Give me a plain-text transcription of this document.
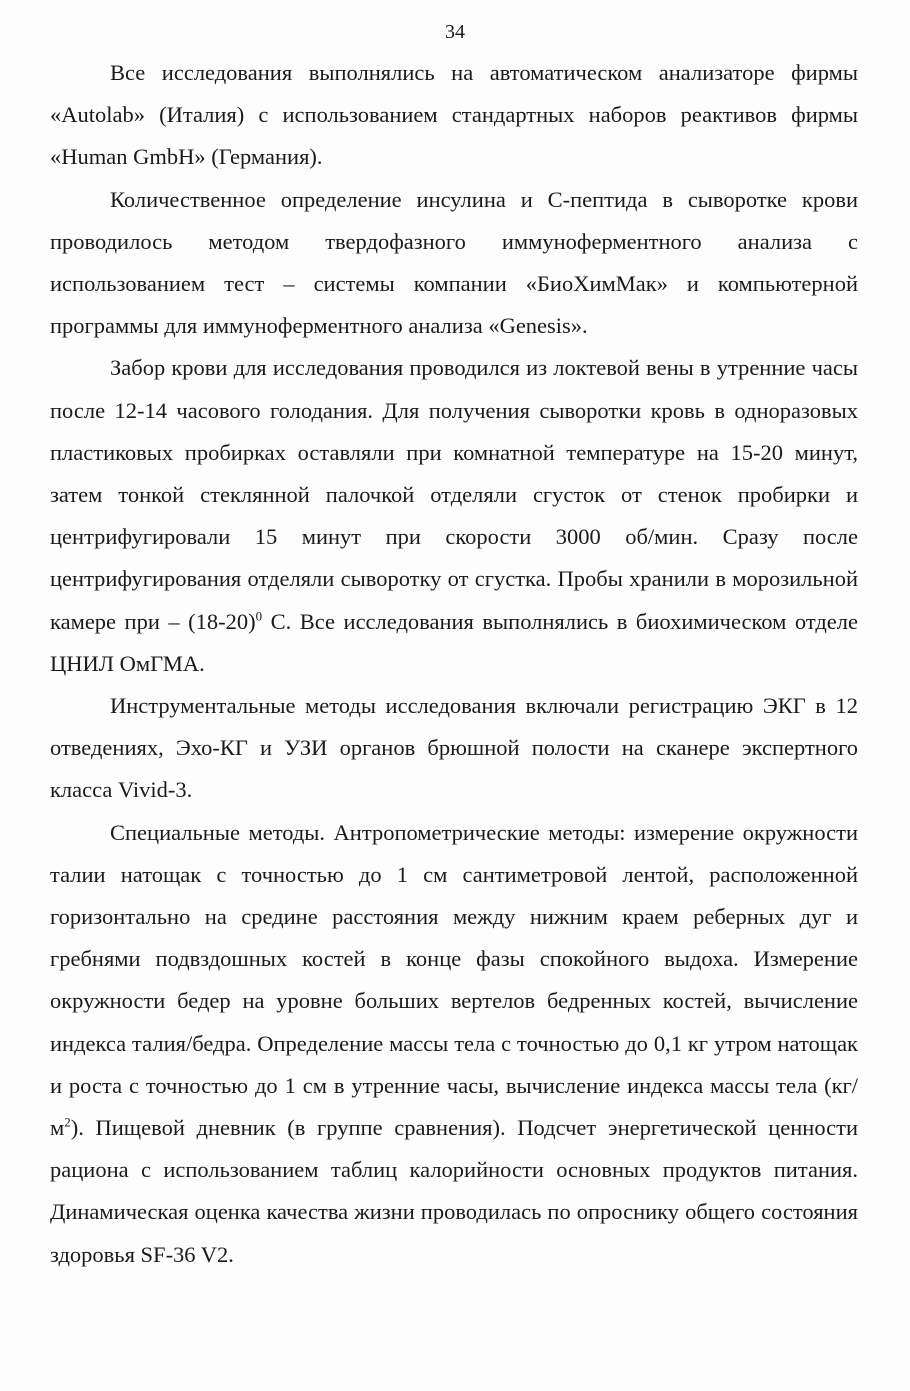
34

Все исследования выполнялись на автоматическом анализаторе фирмы «Autolab» (Италия) с использованием стандартных наборов реактивов фирмы «Human GmbH» (Германия).

Количественное определение инсулина и С-пептида в сыворотке крови проводилось методом твердофазного иммуноферментного анализа с использованием тест – системы компании «БиоХимМак» и компьютерной программы для иммуноферментного анализа «Genesis».

Забор крови для исследования проводился из локтевой вены в утренние часы после 12-14 часового голодания. Для получения сыворотки кровь в одноразовых пластиковых пробирках оставляли при комнатной температуре на 15-20 минут, затем тонкой стеклянной палочкой отделяли сгусток от стенок пробирки и центрифугировали 15 минут при скорости 3000 об/мин. Сразу после центрифугирования отделяли сыворотку от сгустка. Пробы хранили в морозильной камере при – $(18-20)^0$ С. Все исследования выполнялись в биохимическом отделе ЦНИЛ ОмГМА.

Инструментальные методы исследования включали регистрацию ЭКГ в 12 отведениях, Эхо-КГ и УЗИ органов брюшной полости на сканере экспертного класса Vivid-3.

Специальные методы. Антропометрические методы: измерение окружности талии натощак с точностью до 1 см сантиметровой лентой, расположенной горизонтально на средине расстояния между нижним краем реберных дуг и гребнями подвздошных костей в конце фазы спокойного выдоха. Измерение окружности бедер на уровне больших вертелов бедренных костей, вычисление индекса талия/бедра. Определение массы тела с точностью до 0,1 кг утром натощак и роста с точностью до 1 см в утренние часы, вычисление индекса массы тела $(кг/м^2)$. Пищевой дневник (в группе сравнения). Подсчет энергетической ценности рациона с использованием таблиц калорийности основных продуктов питания. Динамическая оценка качества жизни проводилась по опроснику общего состояния здоровья SF-36 V2.
